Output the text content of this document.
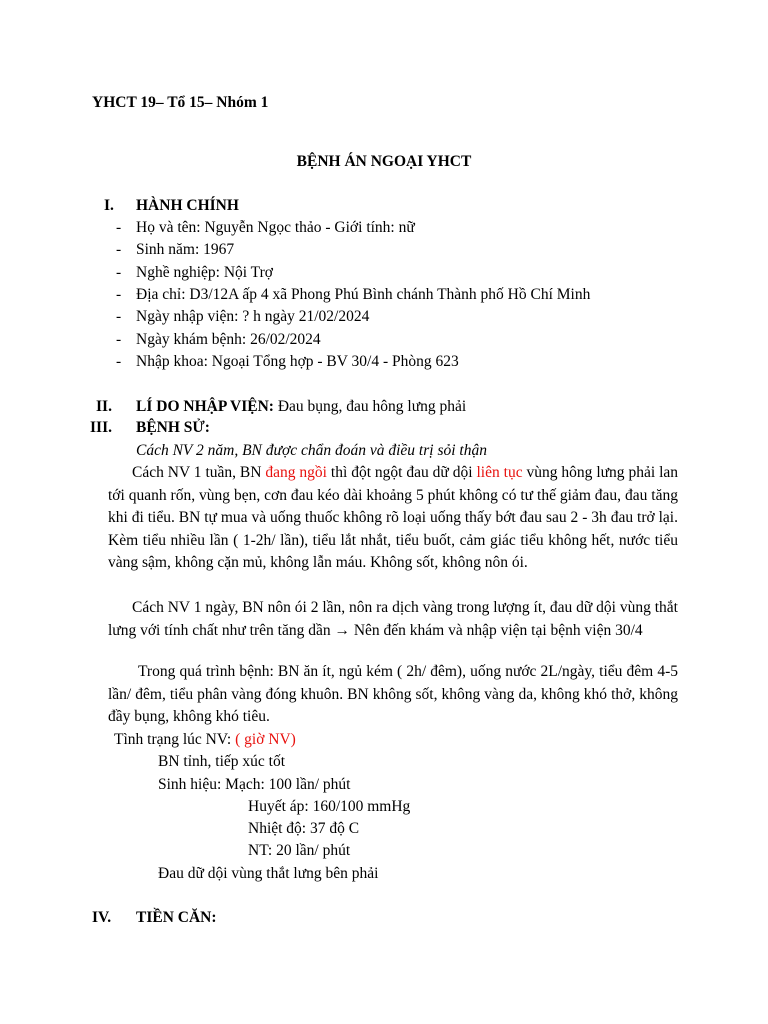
YHCT 19– Tổ 15– Nhóm 1
BỆNH ÁN NGOẠI YHCT
I. HÀNH CHÍNH
- Họ và tên: Nguyễn Ngọc thảo - Giới tính: nữ
- Sinh năm: 1967
- Nghề nghiệp: Nội Trợ
- Địa chỉ: D3/12A ấp 4 xã Phong Phú Bình chánh Thành phố Hồ Chí Minh
- Ngày nhập viện: ? h ngày 21/02/2024
- Ngày khám bệnh: 26/02/2024
- Nhập khoa: Ngoại Tổng hợp - BV 30/4 - Phòng 623
II. LÍ DO NHẬP VIỆN: Đau bụng, đau hông lưng phải
III. BỆNH SỬ:
Cách NV 2 năm, BN được chẩn đoán và điều trị sỏi thận
Cách NV 1 tuần, BN đang ngồi thì đột ngột đau dữ dội liên tục vùng hông lưng phải lan tới quanh rốn, vùng bẹn, cơn đau kéo dài khoảng 5 phút không có tư thế giảm đau, đau tăng khi đi tiểu. BN tự mua và uống thuốc không rõ loại uống thấy bớt đau sau 2 - 3h đau trở lại. Kèm tiểu nhiều lần ( 1-2h/ lần), tiểu lắt nhắt, tiểu buốt, cảm giác tiểu không hết, nước tiểu vàng sậm, không cặn mủ, không lẫn máu. Không sốt, không nôn ói.
Cách NV 1 ngày, BN nôn ói 2 lần, nôn ra dịch vàng trong lượng ít, đau dữ dội vùng thắt lưng với tính chất như trên tăng dần → Nên đến khám và nhập viện tại bệnh viện 30/4
Trong quá trình bệnh: BN ăn ít, ngủ kém ( 2h/ đêm), uống nước 2L/ngày, tiểu đêm 4-5 lần/ đêm, tiểu phân vàng đóng khuôn. BN không sốt, không vàng da, không khó thở, không đầy bụng, không khó tiêu.
Tình trạng lúc NV: ( giờ NV)
BN tỉnh, tiếp xúc tốt
Sinh hiệu: Mạch: 100 lần/ phút
Huyết áp: 160/100 mmHg
Nhiệt độ: 37 độ C
NT: 20 lần/ phút
Đau dữ dội vùng thắt lưng bên phải
IV. TIỀN CĂN:
